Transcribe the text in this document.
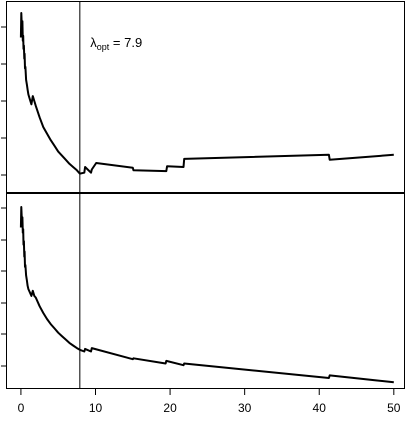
0	10	20	30	40	50
$\lambda_{opt} = 7.9$
